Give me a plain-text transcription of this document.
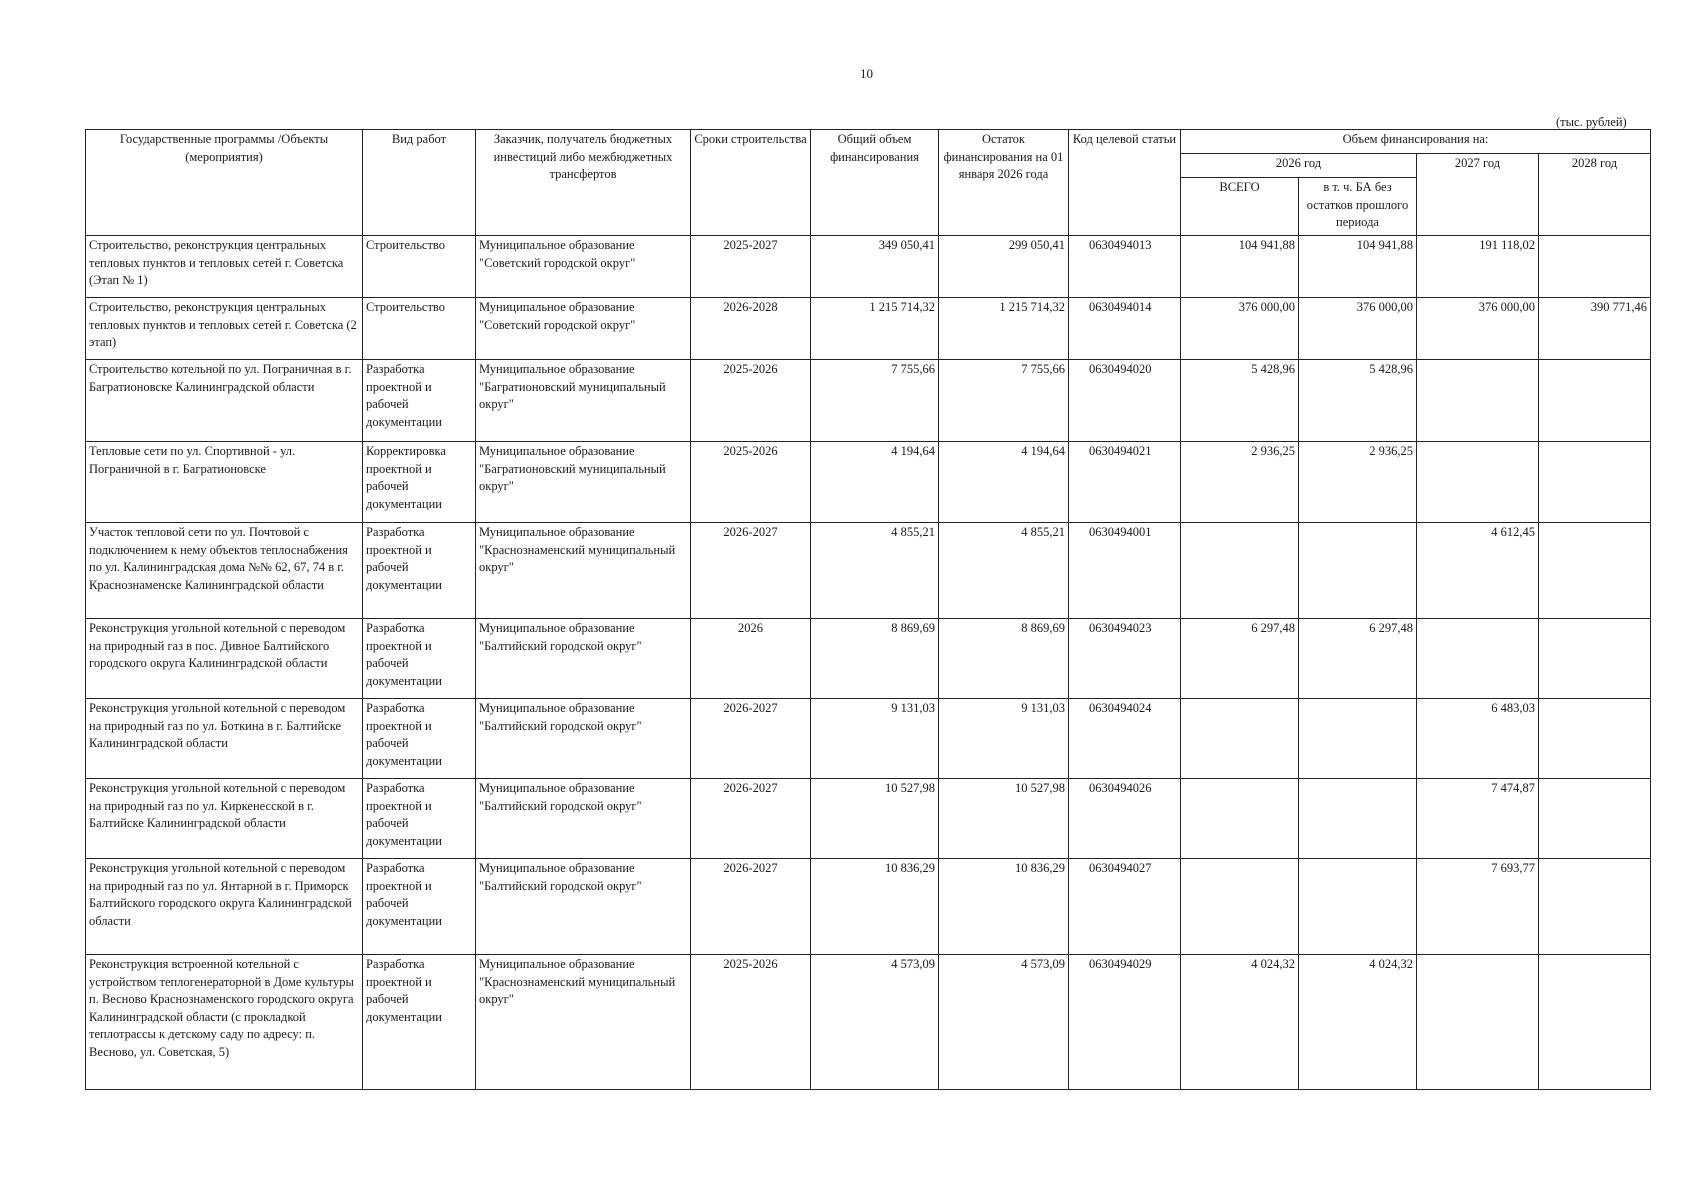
10
(тыс. рублей)
Государственные программы /Объекты (мероприятия)	Вид работ	Заказчик, получатель бюджетных инвестиций либо межбюджетных трансфертов	Сроки строительства	Общий объем финансирования	Остаток финансирования на 01 января 2026 года	Код целевой статьи	Объем финансирования на:			
							2026 год		2027 год	2028 год
							ВСЕГО	в т. ч. БА без остатков прошлого периода		
Строительство, реконструкция центральных тепловых пунктов и тепловых сетей г. Советска (Этап № 1)	Строительство	Муниципальное образование "Советский городской округ"	2025-2027	349 050,41	299 050,41	0630494013	104 941,88	104 941,88	191 118,02	
Строительство, реконструкция центральных тепловых пунктов и тепловых сетей г. Советска (2 этап)	Строительство	Муниципальное образование "Советский городской округ"	2026-2028	1 215 714,32	1 215 714,32	0630494014	376 000,00	376 000,00	376 000,00	390 771,46
Строительство котельной по ул. Пограничная в г. Багратионовске Калининградской области	Разработка проектной и рабочей документации	Муниципальное образование "Багратионовский муниципальный округ"	2025-2026	7 755,66	7 755,66	0630494020	5 428,96	5 428,96		
Тепловые сети по ул. Спортивной - ул. Пограничной в г. Багратионовске	Корректировка проектной и рабочей документации	Муниципальное образование "Багратионовский муниципальный округ"	2025-2026	4 194,64	4 194,64	0630494021	2 936,25	2 936,25		
Участок тепловой сети по ул. Почтовой с подключением к нему объектов теплоснабжения по ул. Калининградская дома №№ 62, 67, 74 в г. Краснознаменске Калининградской области	Разработка проектной и рабочей документации	Муниципальное образование "Краснознаменский муниципальный округ"	2026-2027	4 855,21	4 855,21	0630494001			4 612,45	
Реконструкция угольной котельной с переводом на природный газ в пос. Дивное Балтийского городского округа Калининградской области	Разработка проектной и рабочей документации	Муниципальное образование "Балтийский городской округ"	2026	8 869,69	8 869,69	0630494023	6 297,48	6 297,48		
Реконструкция угольной котельной с переводом на природный газ по ул. Боткина в г. Балтийске Калининградской области	Разработка проектной и рабочей документации	Муниципальное образование "Балтийский городской округ"	2026-2027	9 131,03	9 131,03	0630494024			6 483,03	
Реконструкция угольной котельной с переводом на природный газ по ул. Киркенесской в г. Балтийске Калининградской области	Разработка проектной и рабочей документации	Муниципальное образование "Балтийский городской округ"	2026-2027	10 527,98	10 527,98	0630494026			7 474,87	
Реконструкция угольной котельной с переводом на природный газ по ул. Янтарной в г. Приморск Балтийского городского округа Калининградской области	Разработка проектной и рабочей документации	Муниципальное образование "Балтийский городской округ"	2026-2027	10 836,29	10 836,29	0630494027			7 693,77	
Реконструкция встроенной котельной с устройством теплогенераторной в Доме культуры п. Весново Краснознаменского городского округа Калининградской области (с прокладкой теплотрассы к детскому саду по адресу: п. Весново, ул. Советская, 5)	Разработка проектной и рабочей документации	Муниципальное образование "Краснознаменский муниципальный округ"	2025-2026	4 573,09	4 573,09	0630494029	4 024,32	4 024,32		
